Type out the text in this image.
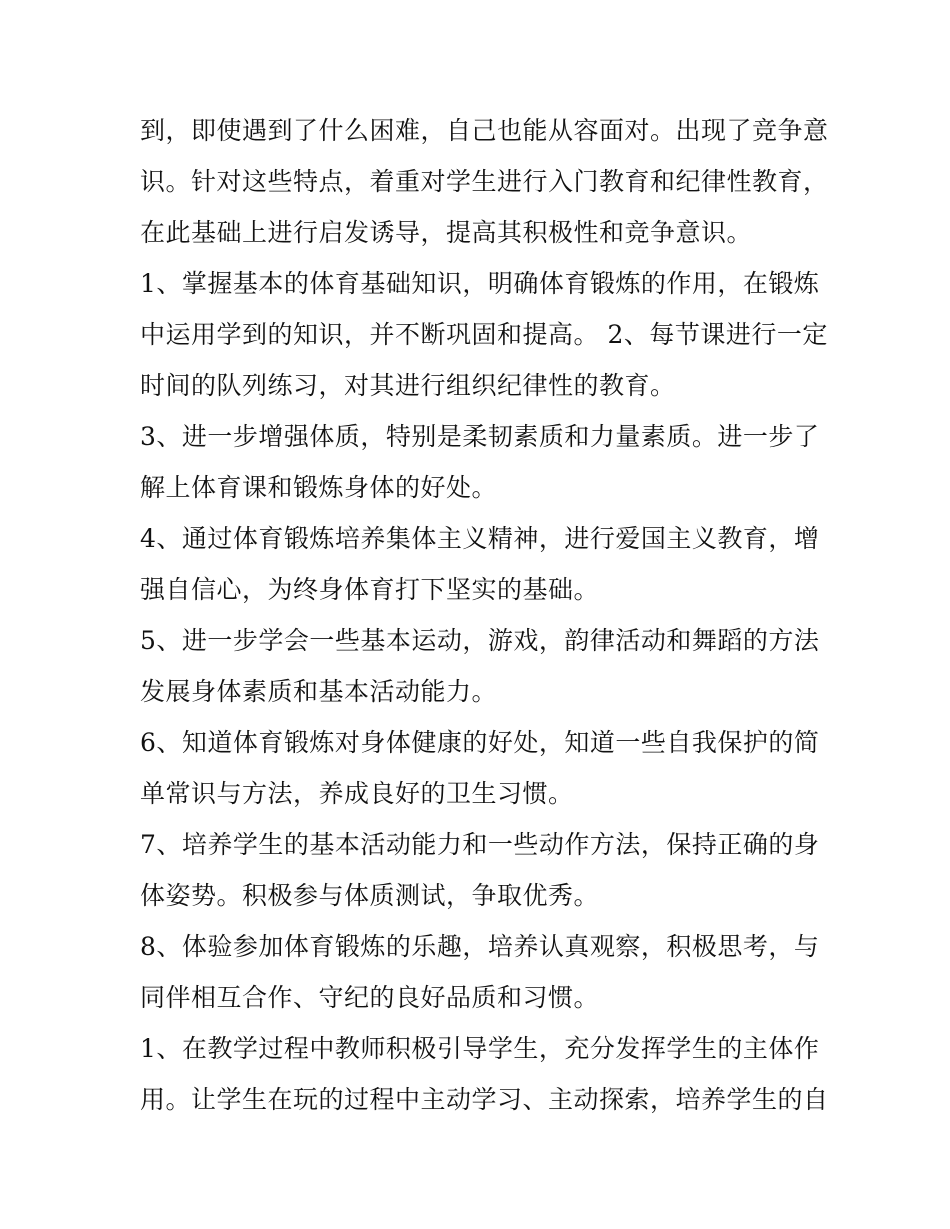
到，即使遇到了什么困难，自己也能从容面对。出现了竞争意
识。针对这些特点，着重对学生进行入门教育和纪律性教育，
在此基础上进行启发诱导，提高其积极性和竞争意识。
1、掌握基本的体育基础知识，明确体育锻炼的作用，在锻炼
中运用学到的知识，并不断巩固和提高。 2、每节课进行一定
时间的队列练习，对其进行组织纪律性的教育。
3、进一步增强体质，特别是柔韧素质和力量素质。进一步了
解上体育课和锻炼身体的好处。
4、通过体育锻炼培养集体主义精神，进行爱国主义教育，增
强自信心，为终身体育打下坚实的基础。
5、进一步学会一些基本运动，游戏，韵律活动和舞蹈的方法
发展身体素质和基本活动能力。
6、知道体育锻炼对身体健康的好处，知道一些自我保护的简
单常识与方法，养成良好的卫生习惯。
7、培养学生的基本活动能力和一些动作方法，保持正确的身
体姿势。积极参与体质测试，争取优秀。
8、体验参加体育锻炼的乐趣，培养认真观察，积极思考，与
同伴相互合作、守纪的良好品质和习惯。
1、在教学过程中教师积极引导学生，充分发挥学生的主体作
用。让学生在玩的过程中主动学习、主动探索，培养学生的自
